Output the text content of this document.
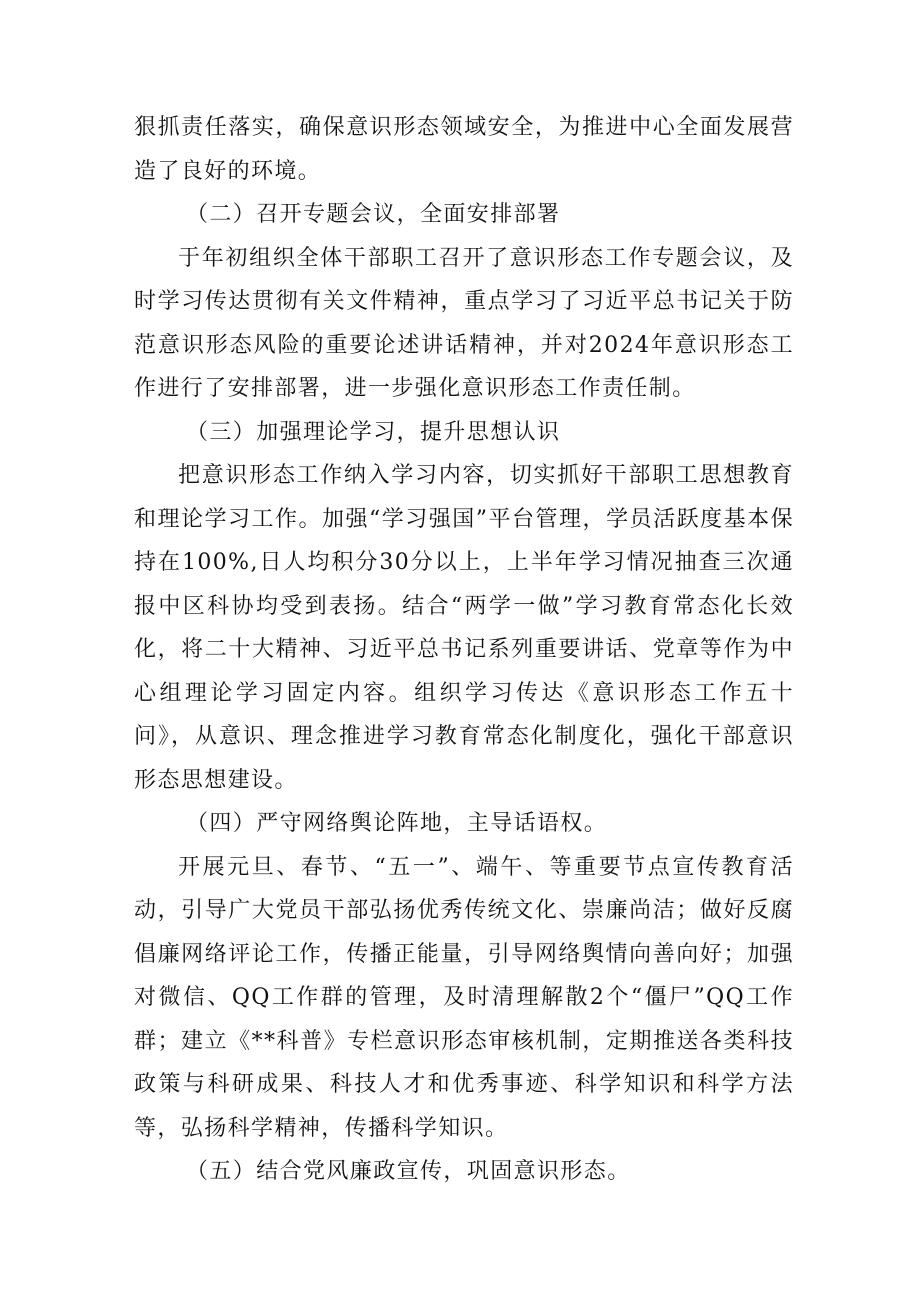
狠抓责任落实，确保意识形态领域安全，为推进中心全面发展营造了良好的环境。

（二）召开专题会议，全面安排部署

于年初组织全体干部职工召开了意识形态工作专题会议，及时学习传达贯彻有关文件精神，重点学习了习近平总书记关于防范意识形态风险的重要论述讲话精神，并对2024年意识形态工作进行了安排部署，进一步强化意识形态工作责任制。

（三）加强理论学习，提升思想认识

把意识形态工作纳入学习内容，切实抓好干部职工思想教育和理论学习工作。加强“学习强国”平台管理，学员活跃度基本保持在100%,日人均积分30分以上，上半年学习情况抽查三次通报中区科协均受到表扬。结合“两学一做”学习教育常态化长效化，将二十大精神、习近平总书记系列重要讲话、党章等作为中心组理论学习固定内容。组织学习传达《意识形态工作五十问》，从意识、理念推进学习教育常态化制度化，强化干部意识形态思想建设。

（四）严守网络舆论阵地，主导话语权。

开展元旦、春节、“五一”、端午、等重要节点宣传教育活动，引导广大党员干部弘扬优秀传统文化、崇廉尚洁；做好反腐倡廉网络评论工作，传播正能量，引导网络舆情向善向好；加强对微信、QQ工作群的管理，及时清理解散2个“僵尸”QQ工作群；建立《**科普》专栏意识形态审核机制，定期推送各类科技政策与科研成果、科技人才和优秀事迹、科学知识和科学方法等，弘扬科学精神，传播科学知识。

（五）结合党风廉政宣传，巩固意识形态。
